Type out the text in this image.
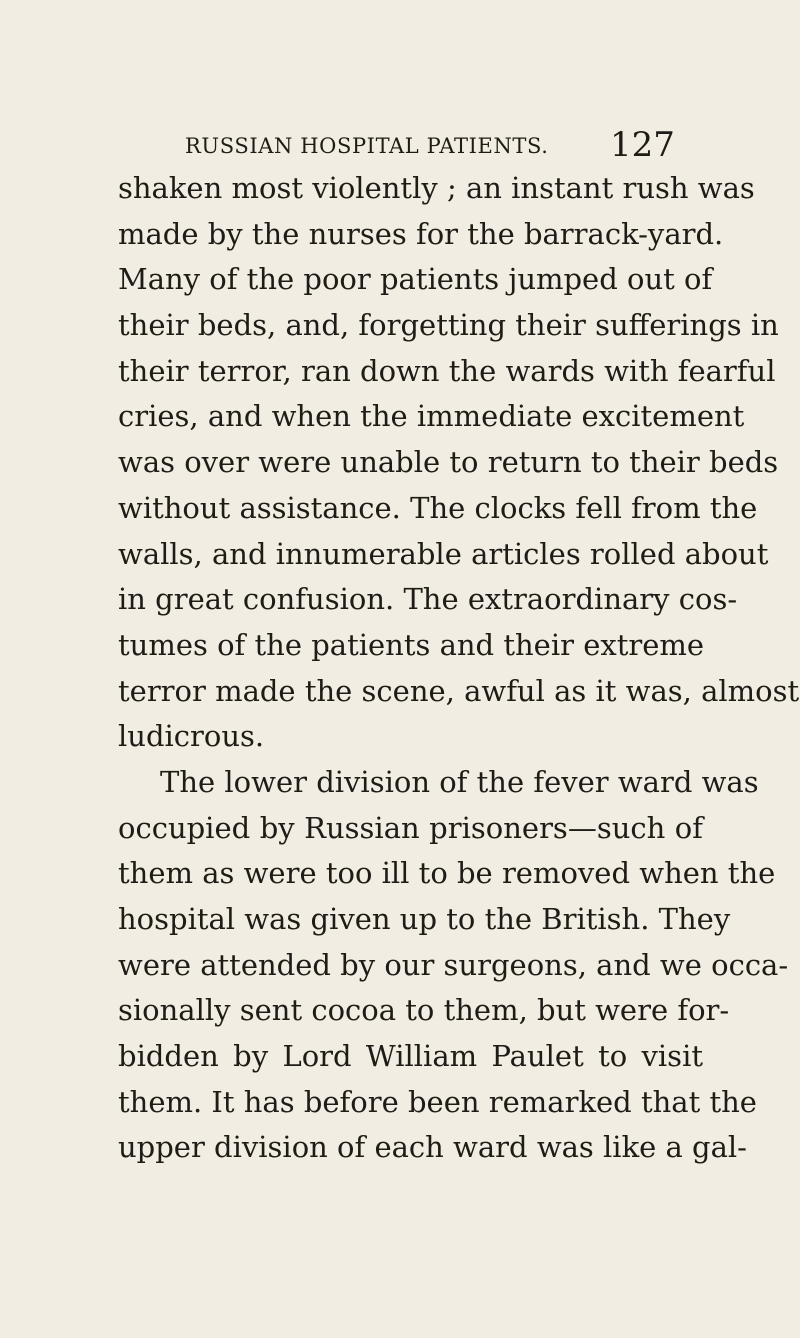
RUSSIAN HOSPITAL PATIENTS. 127
shaken most violently ; an instant rush was
made by the nurses for the barrack-yard.
Many of the poor patients jumped out of
their beds, and, forgetting their sufferings in
their terror, ran down the wards with fearful
cries, and when the immediate excitement
was over were unable to return to their beds
without assistance. The clocks fell from the
walls, and innumerable articles rolled about
in great confusion. The extraordinary cos-
tumes of the patients and their extreme
terror made the scene, awful as it was, almost
ludicrous.
The lower division of the fever ward was
occupied by Russian prisoners—such of
them as were too ill to be removed when the
hospital was given up to the British. They
were attended by our surgeons, and we occa-
sionally sent cocoa to them, but were for-
bidden by Lord William Paulet to visit
them. It has before been remarked that the
upper division of each ward was like a gal-
